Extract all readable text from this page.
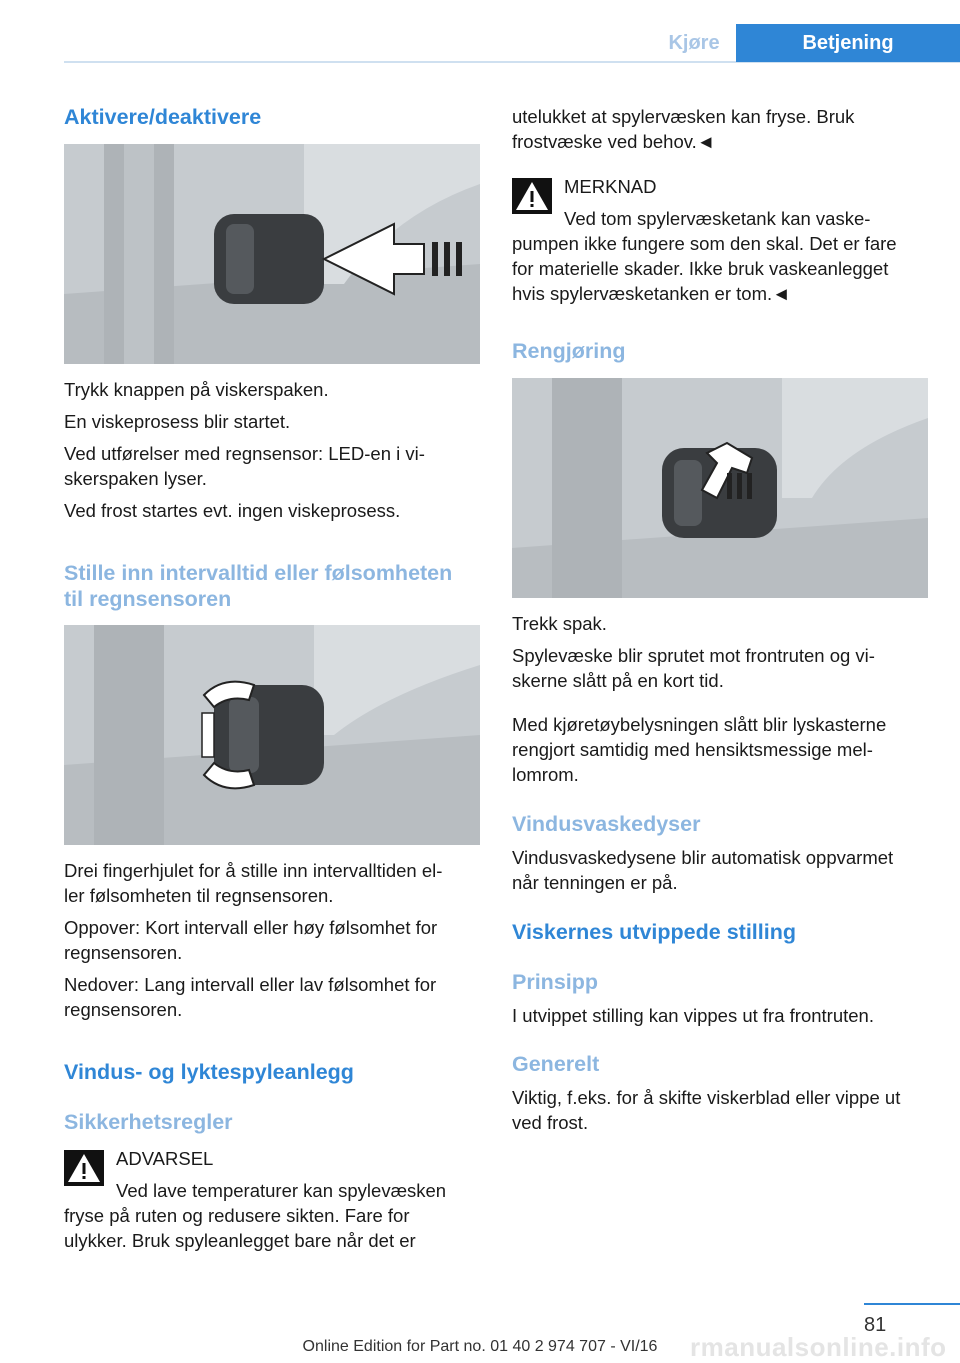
Kjøre	Betjening
Aktivere/deaktivere
Trykk knappen på viskerspaken.
En viskeprosess blir startet.
Ved utførelser med regnsensor: LED-en i vi‐
skerspaken lyser.
Ved frost startes evt. ingen viskeprosess.
Stille inn intervalltid eller følsomheten
til regnsensoren
Drei fingerhjulet for å stille inn intervalltiden el‐
ler følsomheten til regnsensoren.
Oppover: Kort intervall eller høy følsomhet for
regnsensoren.
Nedover: Lang intervall eller lav følsomhet for
regnsensoren.
Vindus- og lyktespyleanlegg
Sikkerhetsregler
ADVARSEL
Ved lave temperaturer kan spylevæsken
fryse på ruten og redusere sikten. Fare for
ulykker. Bruk spyleanlegget bare når det er
utelukket at spylervæsken kan fryse. Bruk
frostvæske ved behov.◄
MERKNAD
Ved tom spylervæsketank kan vaske‐
pumpen ikke fungere som den skal. Det er fare
for materielle skader. Ikke bruk vaskeanlegget
hvis spylervæsketanken er tom.◄
Rengjøring
Trekk spak.
Spylevæske blir sprutet mot frontruten og vi‐
skerne slått på en kort tid.
Med kjøretøybelysningen slått blir lyskasterne
rengjort samtidig med hensiktsmessige mel‐
lomrom.
Vindusvaskedyser
Vindusvaskedysene blir automatisk oppvarmet
når tenningen er på.
Viskernes utvippede stilling
Prinsipp
I utvippet stilling kan vippes ut fra frontruten.
Generelt
Viktig, f.eks. for å skifte viskerblad eller vippe ut
ved frost.
81
rmanualsonline.info
Online Edition for Part no. 01 40 2 974 707 - VI/16
